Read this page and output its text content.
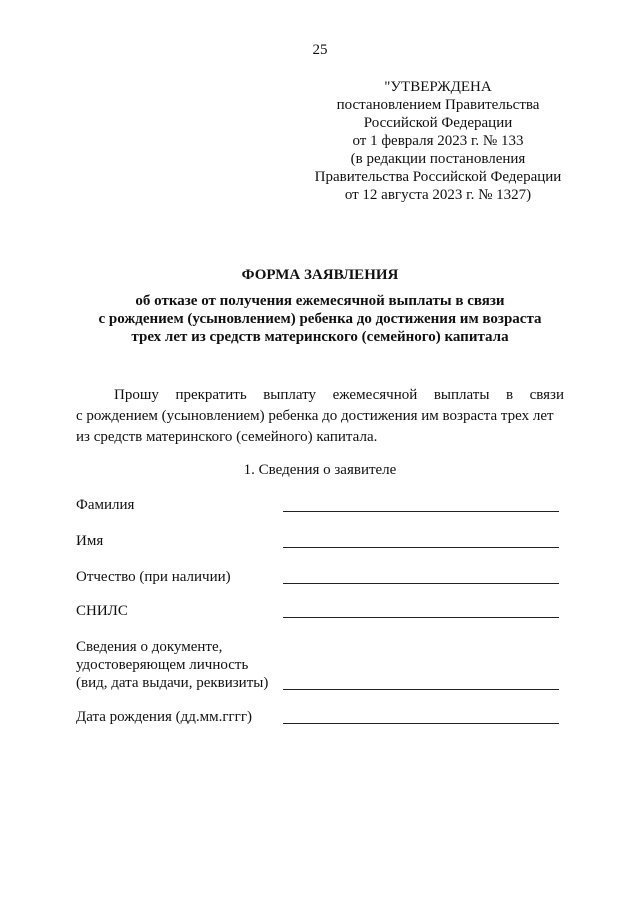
25
"УТВЕРЖДЕНА
постановлением Правительства
Российской Федерации
от 1 февраля 2023 г. № 133
(в редакции постановления
Правительства Российской Федерации
от 12 августа 2023 г. № 1327)
ФОРМА ЗАЯВЛЕНИЯ
об отказе от получения ежемесячной выплаты в связи
с рождением (усыновлением) ребенка до достижения им возраста
трех лет из средств материнского (семейного) капитала
Прошу прекратить выплату ежемесячной выплаты в связи
с рождением (усыновлением) ребенка до достижения им возраста трех лет
из средств материнского (семейного) капитала.
1. Сведения о заявителе
Фамилия
Имя
Отчество (при наличии)
СНИЛС
Сведения о документе,
удостоверяющем личность
(вид, дата выдачи, реквизиты)
Дата рождения (дд.мм.гггг)
